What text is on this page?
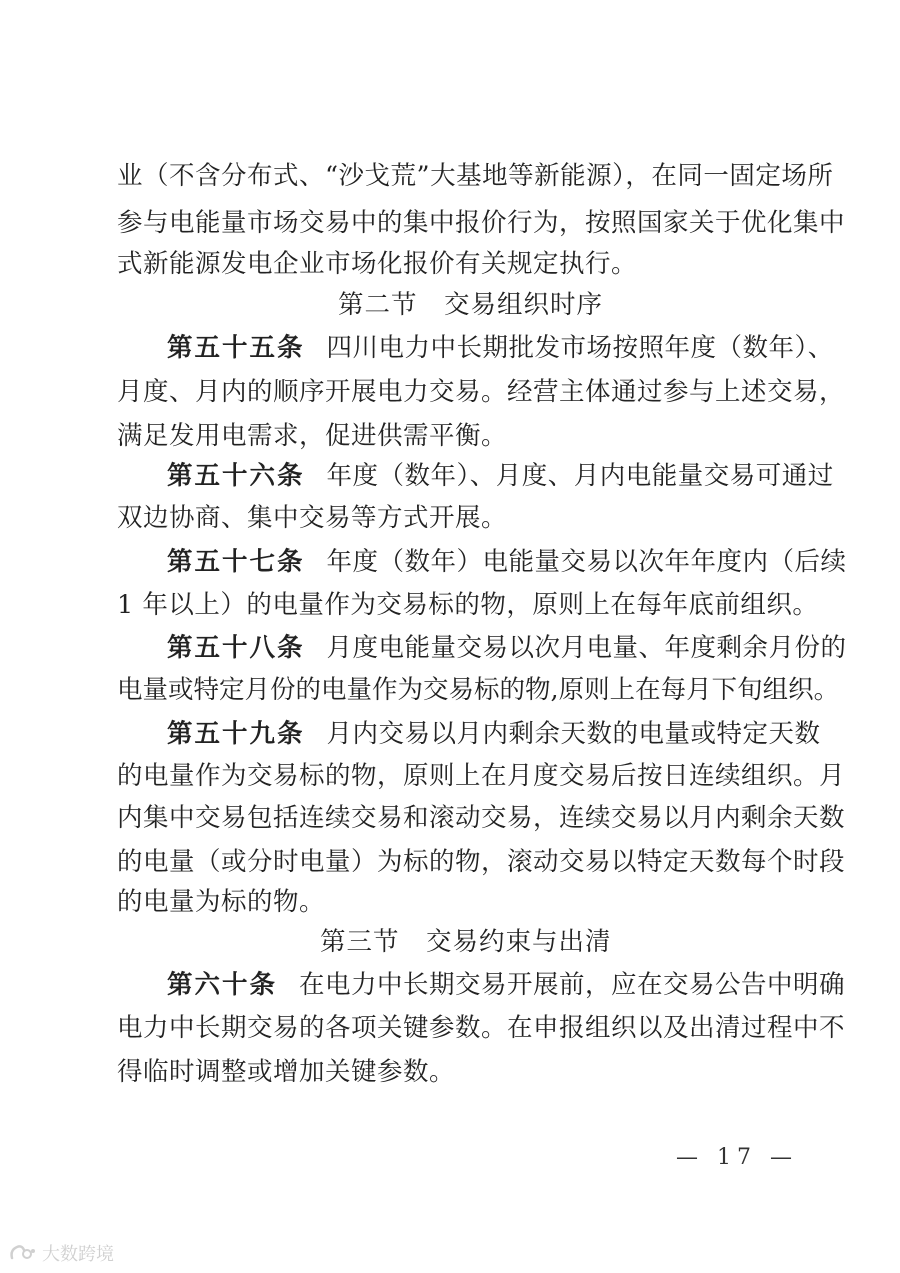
业（不含分布式、“沙戈荒”大基地等新能源），在同一固定场所
参与电能量市场交易中的集中报价行为，按照国家关于优化集中
式新能源发电企业市场化报价有关规定执行。
第五十五条 四川电力中长期批发市场按照年度（数年）、
月度、月内的顺序开展电力交易。经营主体通过参与上述交易，
满足发用电需求，促进供需平衡。
第五十六条 年度（数年）、月度、月内电能量交易可通过
双边协商、集中交易等方式开展。
第五十七条 年度（数年）电能量交易以次年年度内（后续
1 年以上）的电量作为交易标的物，原则上在每年底前组织。
第五十八条 月度电能量交易以次月电量、年度剩余月份的
电量或特定月份的电量作为交易标的物,原则上在每月下旬组织。
第五十九条 月内交易以月内剩余天数的电量或特定天数
的电量作为交易标的物，原则上在月度交易后按日连续组织。月
内集中交易包括连续交易和滚动交易，连续交易以月内剩余天数
的电量（或分时电量）为标的物，滚动交易以特定天数每个时段
的电量为标的物。
第六十条 在电力中长期交易开展前，应在交易公告中明确
电力中长期交易的各项关键参数。在申报组织以及出清过程中不
得临时调整或增加关键参数。
第二节　交易组织时序
第三节　交易约束与出清
— 17 —
大数跨境
